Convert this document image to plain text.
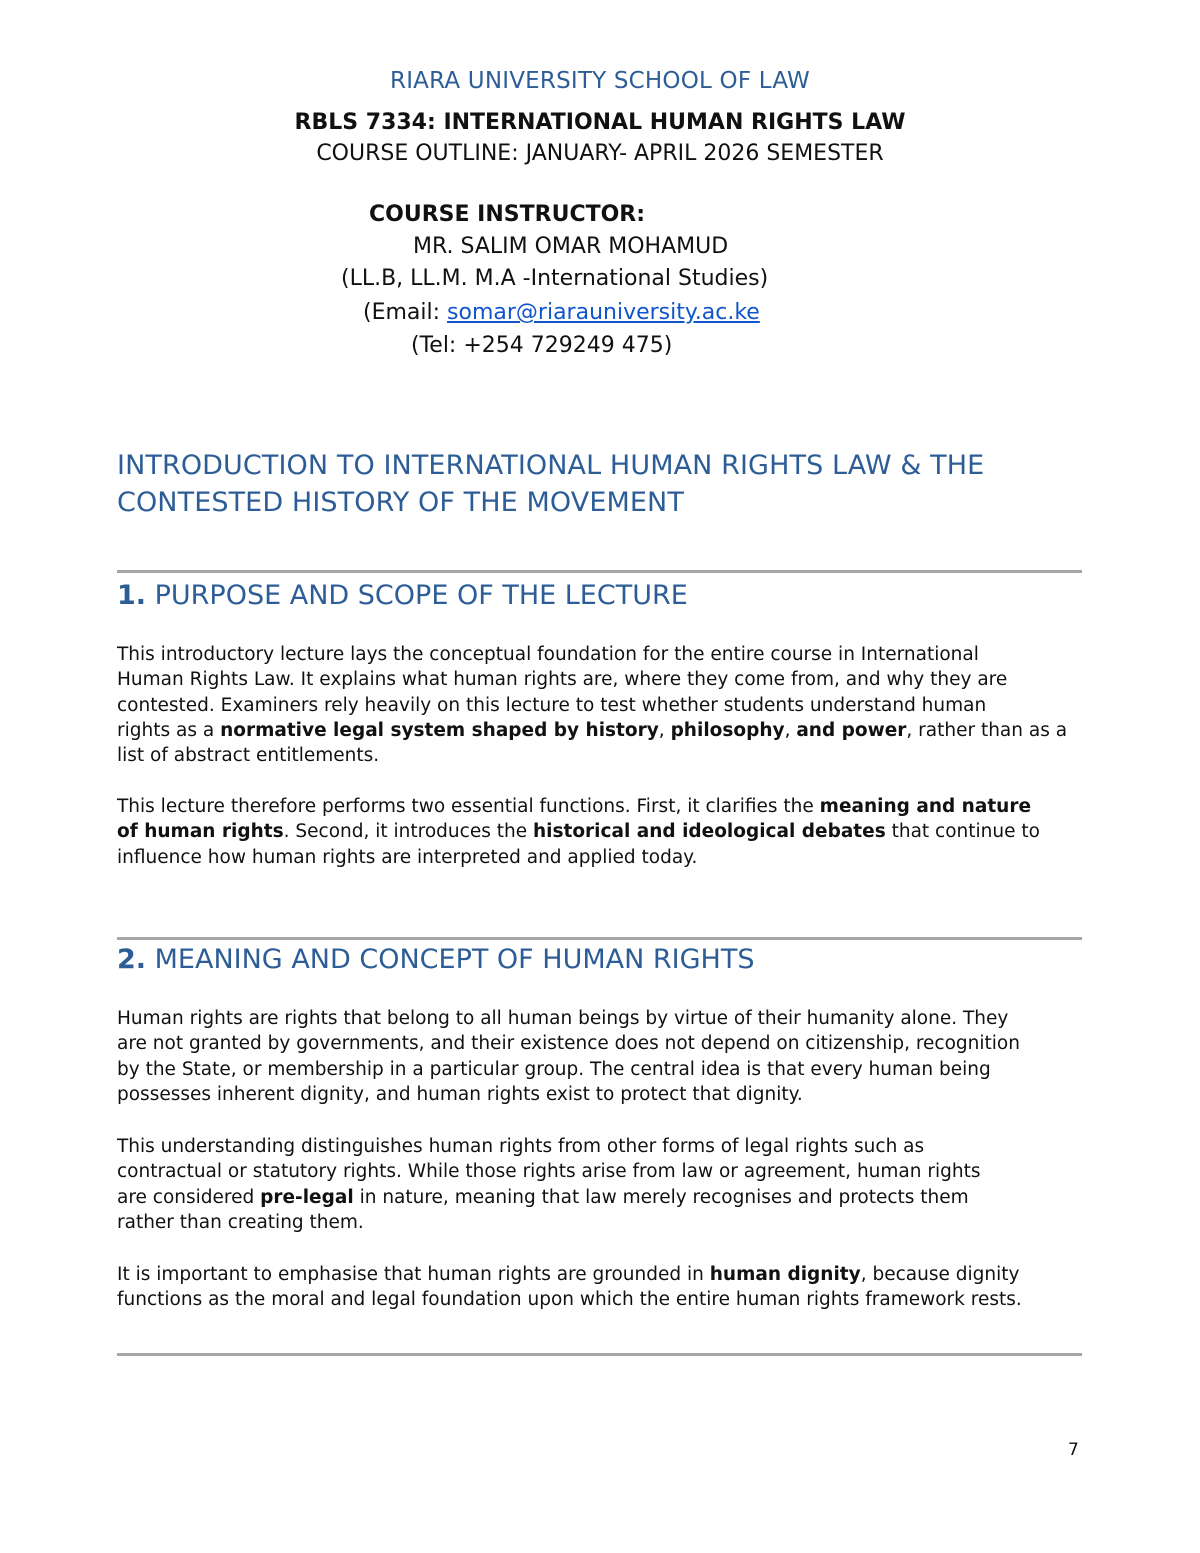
RIARA UNIVERSITY SCHOOL OF LAW
RBLS 7334: INTERNATIONAL HUMAN RIGHTS LAW
COURSE OUTLINE: JANUARY- APRIL 2026 SEMESTER
COURSE INSTRUCTOR:
MR. SALIM OMAR MOHAMUD
(LL.B, LL.M. M.A -International Studies)
(Email: somar@riarauniversity.ac.ke
(Tel: +254 729249 475)
INTRODUCTION TO INTERNATIONAL HUMAN RIGHTS LAW & THE CONTESTED HISTORY OF THE MOVEMENT
1. PURPOSE AND SCOPE OF THE LECTURE
This introductory lecture lays the conceptual foundation for the entire course in International
Human Rights Law. It explains what human rights are, where they come from, and why they are
contested. Examiners rely heavily on this lecture to test whether students understand human
rights as a normative legal system shaped by history, philosophy, and power, rather than as a
list of abstract entitlements.
This lecture therefore performs two essential functions. First, it clarifies the meaning and nature
of human rights. Second, it introduces the historical and ideological debates that continue to
influence how human rights are interpreted and applied today.
2. MEANING AND CONCEPT OF HUMAN RIGHTS
Human rights are rights that belong to all human beings by virtue of their humanity alone. They
are not granted by governments, and their existence does not depend on citizenship, recognition
by the State, or membership in a particular group. The central idea is that every human being
possesses inherent dignity, and human rights exist to protect that dignity.
This understanding distinguishes human rights from other forms of legal rights such as
contractual or statutory rights. While those rights arise from law or agreement, human rights
are considered pre-legal in nature, meaning that law merely recognises and protects them
rather than creating them.
It is important to emphasise that human rights are grounded in human dignity, because dignity
functions as the moral and legal foundation upon which the entire human rights framework rests.
7
